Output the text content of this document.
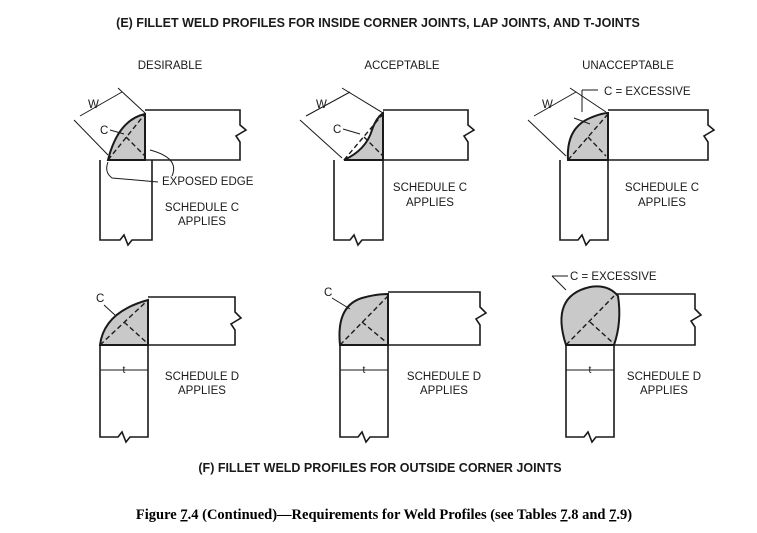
(E) FILLET WELD PROFILES FOR INSIDE CORNER JOINTS, LAP JOINTS, AND T-JOINTS
(F) FILLET WELD PROFILES FOR OUTSIDE CORNER JOINTS
DESIRABLE	ACCEPTABLE	UNACCEPTABLE
W
C
EXPOSED EDGE
SCHEDULE C
APPLIES
W
C
SCHEDULE C
APPLIES
W
C = EXCESSIVE
SCHEDULE C
APPLIES
C
t
SCHEDULE D
APPLIES
C
t
SCHEDULE D
APPLIES
C = EXCESSIVE
t
SCHEDULE D
APPLIES
Figure 7.4 (Continued)—Requirements for Weld Profiles (see Tables 7.8 and 7.9)
